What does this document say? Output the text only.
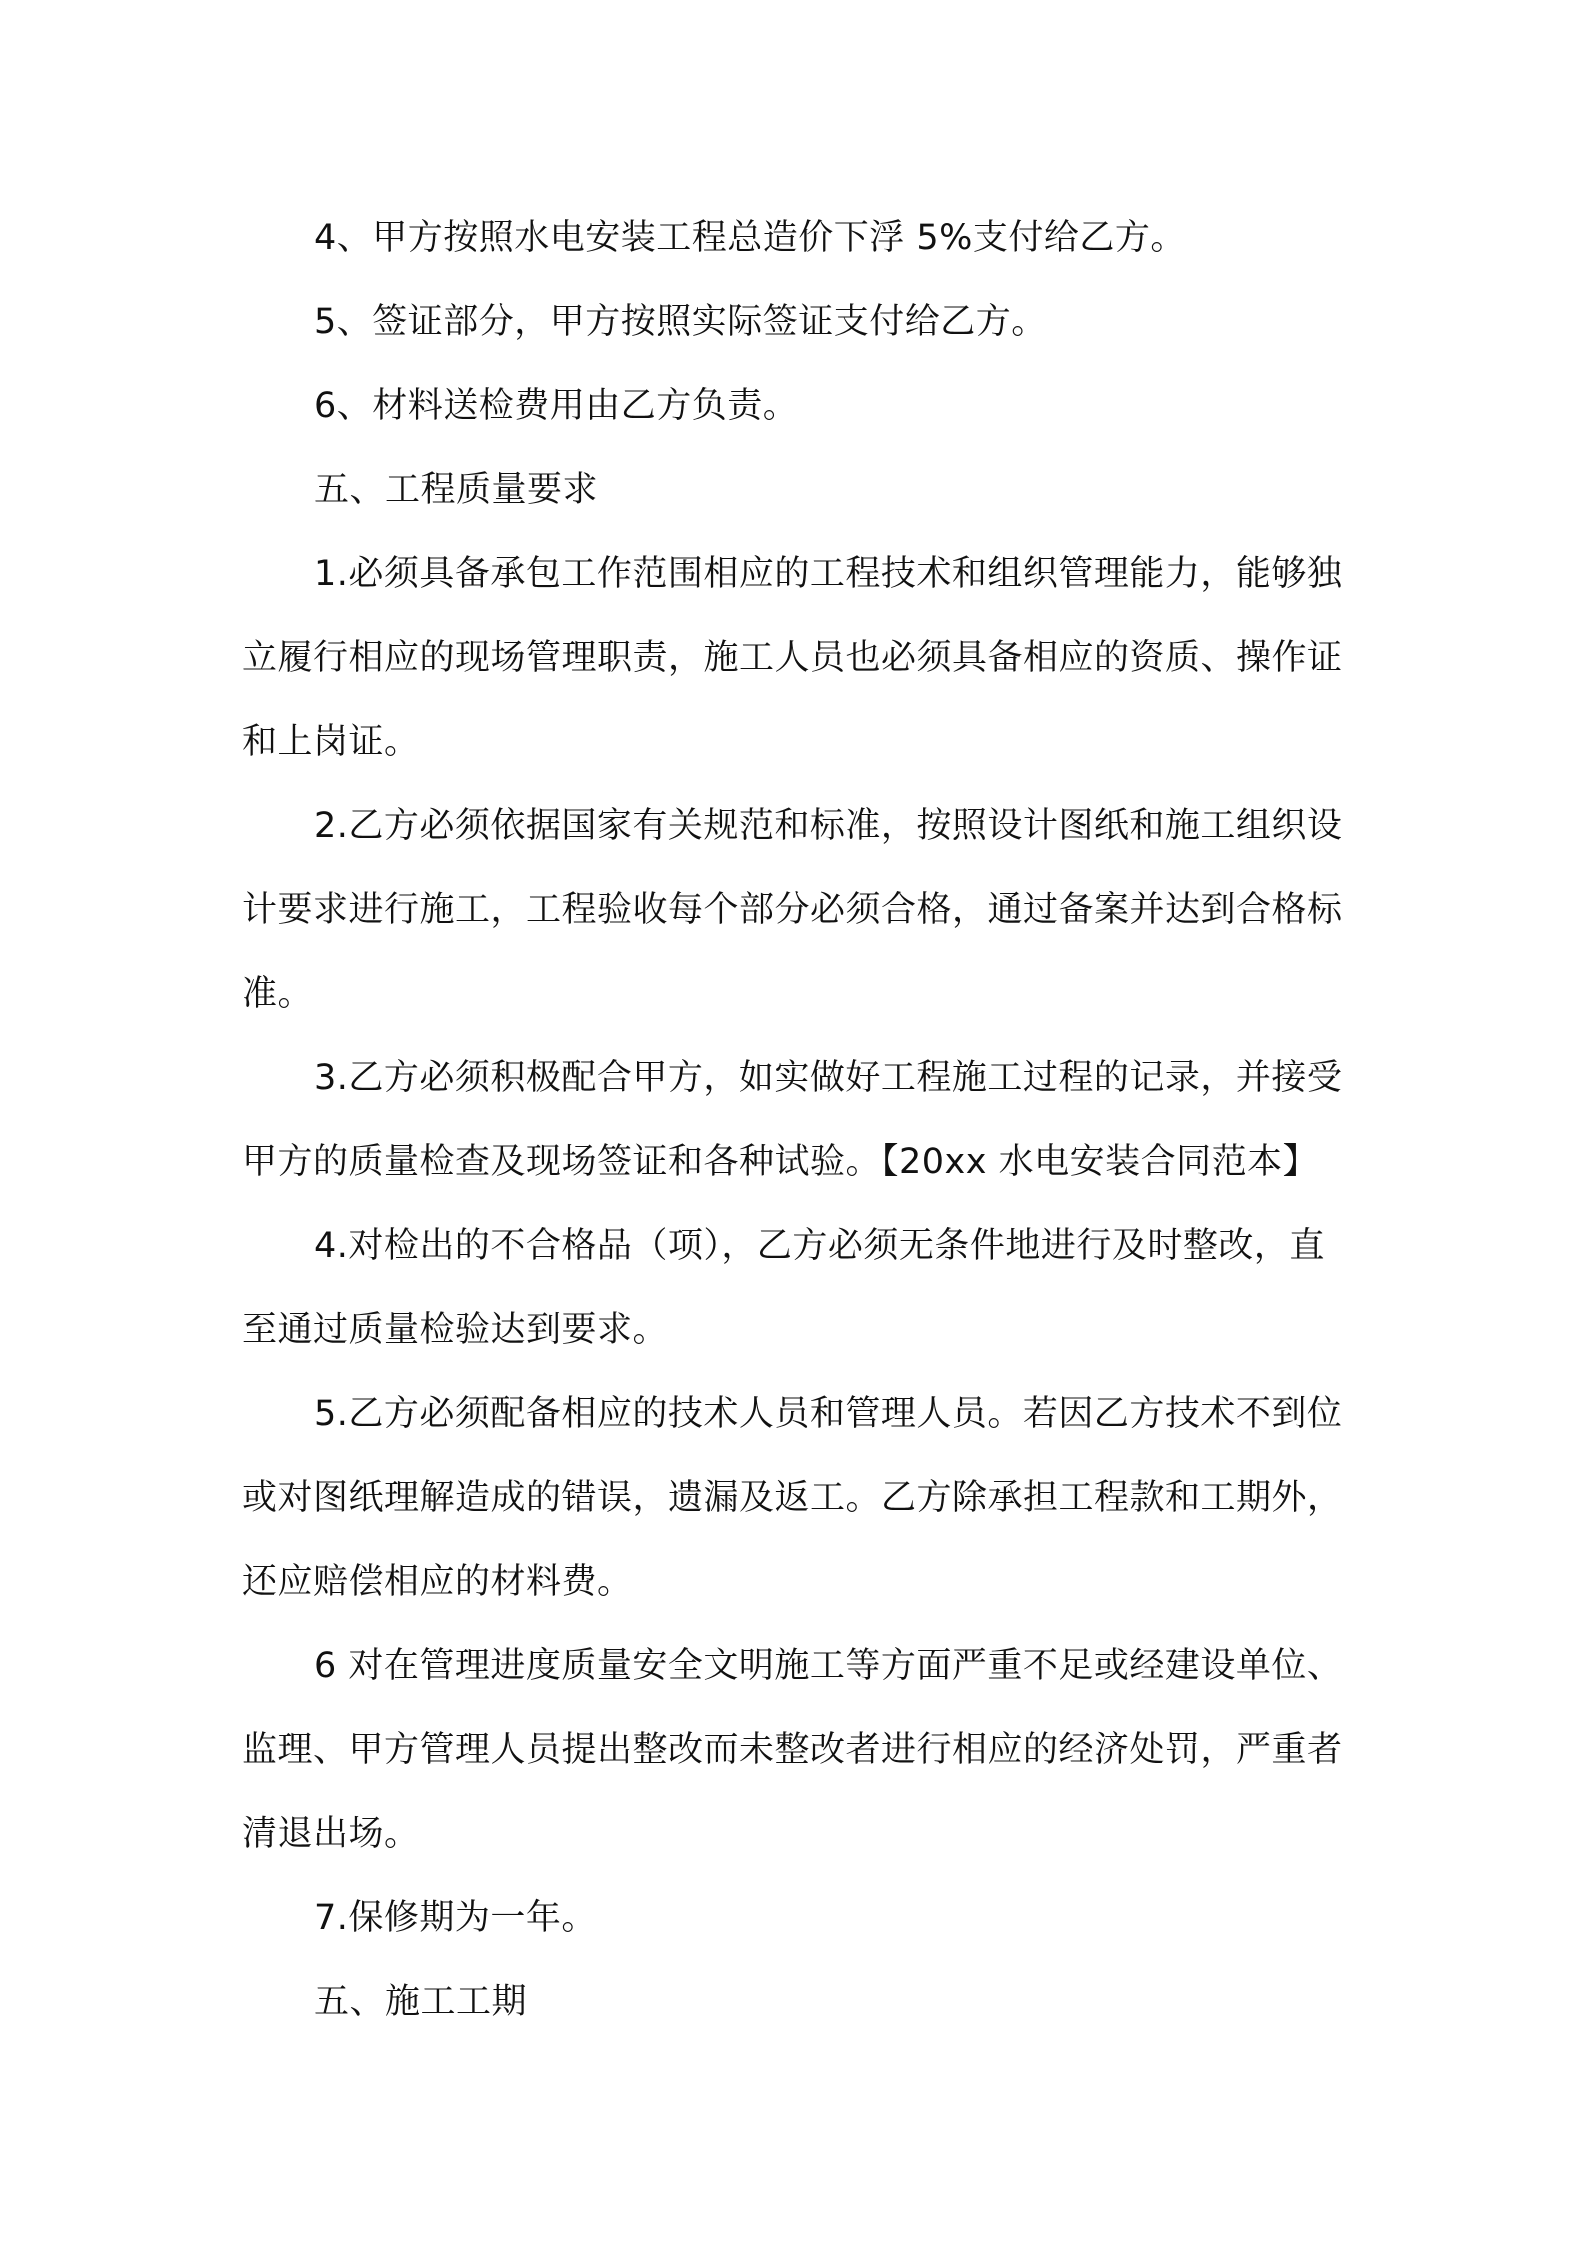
4、甲方按照水电安装工程总造价下浮 5%支付给乙方。

5、签证部分，甲方按照实际签证支付给乙方。

6、材料送检费用由乙方负责。

五、工程质量要求

1.必须具备承包工作范围相应的工程技术和组织管理能力，能够独立履行相应的现场管理职责，施工人员也必须具备相应的资质、操作证和上岗证。

2.乙方必须依据国家有关规范和标准，按照设计图纸和施工组织设计要求进行施工，工程验收每个部分必须合格，通过备案并达到合格标准。

3.乙方必须积极配合甲方，如实做好工程施工过程的记录，并接受甲方的质量检查及现场签证和各种试验。【20xx 水电安装合同范本】

4.对检出的不合格品（项），乙方必须无条件地进行及时整改，直至通过质量检验达到要求。

5.乙方必须配备相应的技术人员和管理人员。若因乙方技术不到位或对图纸理解造成的错误，遗漏及返工。乙方除承担工程款和工期外，还应赔偿相应的材料费。

6 对在管理进度质量安全文明施工等方面严重不足或经建设单位、监理、甲方管理人员提出整改而未整改者进行相应的经济处罚，严重者清退出场。

7.保修期为一年。

五、施工工期
